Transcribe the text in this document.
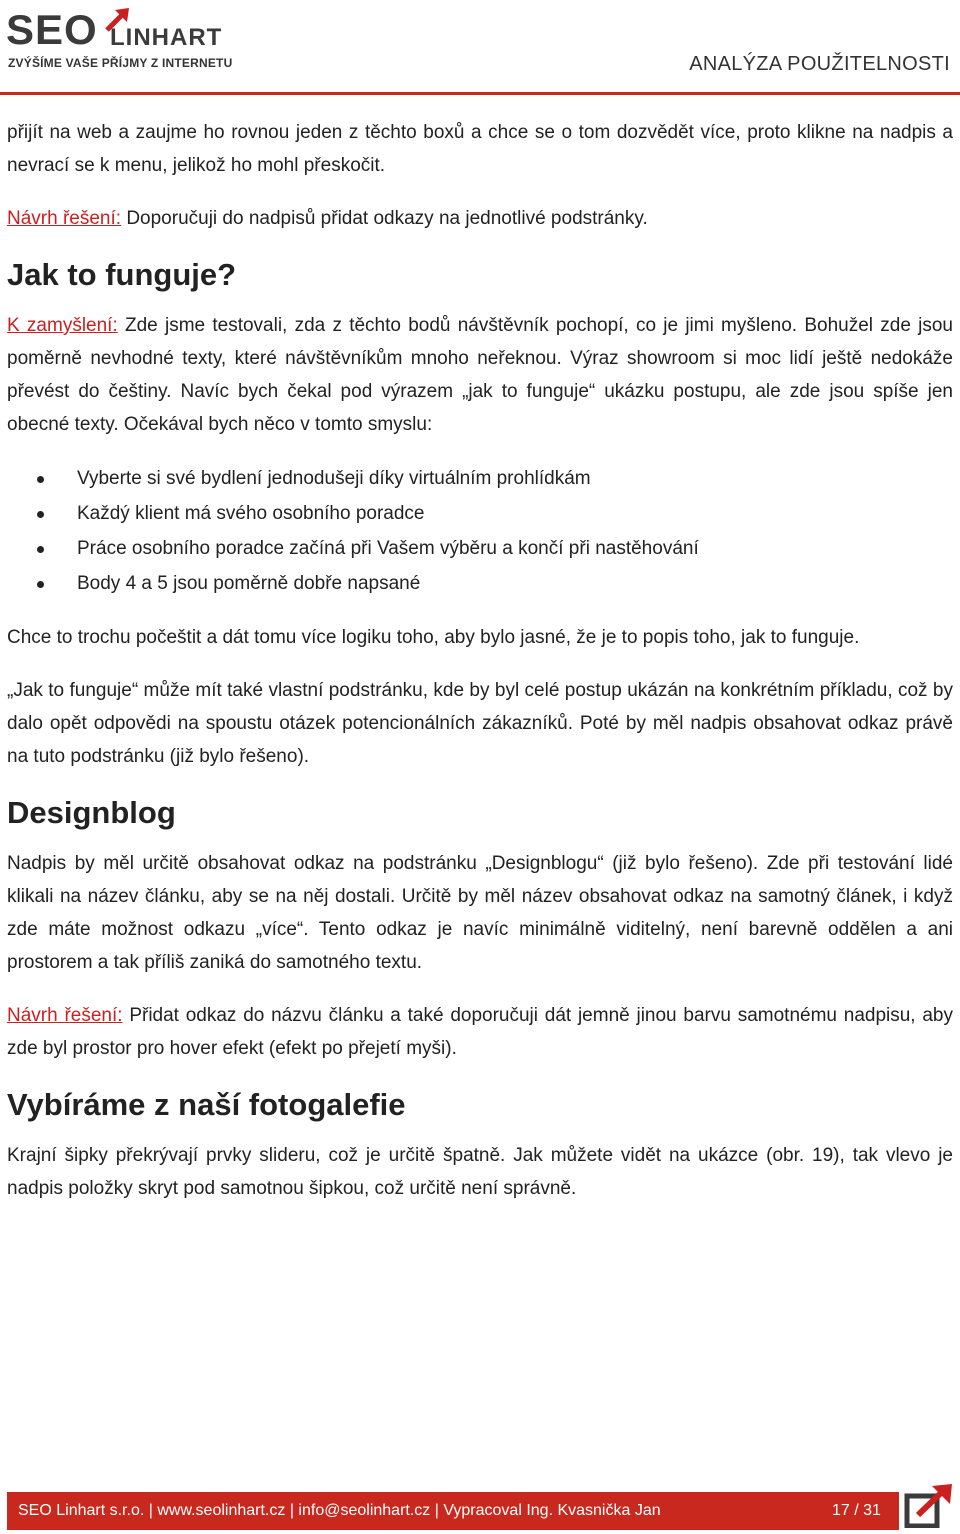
SEO LINHART
ZVÝŠÍME VAŠE PŘÍJMY Z INTERNETU	ANALÝZA POUŽITELNOSTI

přijít na web a zaujme ho rovnou jeden z těchto boxů a chce se o tom dozvědět více, proto klikne na nadpis a nevrací se k menu, jelikož ho mohl přeskočit.

Návrh řešení: Doporučuji do nadpisů přidat odkazy na jednotlivé podstránky.

Jak to funguje?

K zamyšlení: Zde jsme testovali, zda z těchto bodů návštěvník pochopí, co je jimi myšleno. Bohužel zde jsou poměrně nevhodné texty, které návštěvníkům mnoho neřeknou. Výraz showroom si moc lidí ještě nedokáže převést do češtiny. Navíc bych čekal pod výrazem „jak to funguje“ ukázku postupu, ale zde jsou spíše jen obecné texty. Očekával bych něco v tomto smyslu:

Vyberte si své bydlení jednodušeji díky virtuálním prohlídkám
Každý klient má svého osobního poradce
Práce osobního poradce začíná při Vašem výběru a končí při nastěhování
Body 4 a 5 jsou poměrně dobře napsané

Chce to trochu počeštit a dát tomu více logiku toho, aby bylo jasné, že je to popis toho, jak to funguje.

„Jak to funguje“ může mít také vlastní podstránku, kde by byl celé postup ukázán na konkrétním příkladu, což by dalo opět odpovědi na spoustu otázek potencionálních zákazníků. Poté by měl nadpis obsahovat odkaz právě na tuto podstránku (již bylo řešeno).

Designblog

Nadpis by měl určitě obsahovat odkaz na podstránku „Designblogu“ (již bylo řešeno). Zde při testování lidé klikali na název článku, aby se na něj dostali. Určitě by měl název obsahovat odkaz na samotný článek, i když zde máte možnost odkazu „více“. Tento odkaz je navíc minimálně viditelný, není barevně oddělen a ani prostorem a tak příliš zaniká do samotného textu.

Návrh řešení: Přidat odkaz do názvu článku a také doporučuji dát jemně jinou barvu samotnému nadpisu, aby zde byl prostor pro hover efekt (efekt po přejetí myši).

Vybíráme z naší fotogalefie

Krajní šipky překrývají prvky slideru, což je určitě špatně. Jak můžete vidět na ukázce (obr. 19), tak vlevo je nadpis položky skryt pod samotnou šipkou, což určitě není správně.

SEO Linhart s.r.o. | www.seolinhart.cz | info@seolinhart.cz | Vypracoval Ing. Kvasnička Jan	17 / 31
